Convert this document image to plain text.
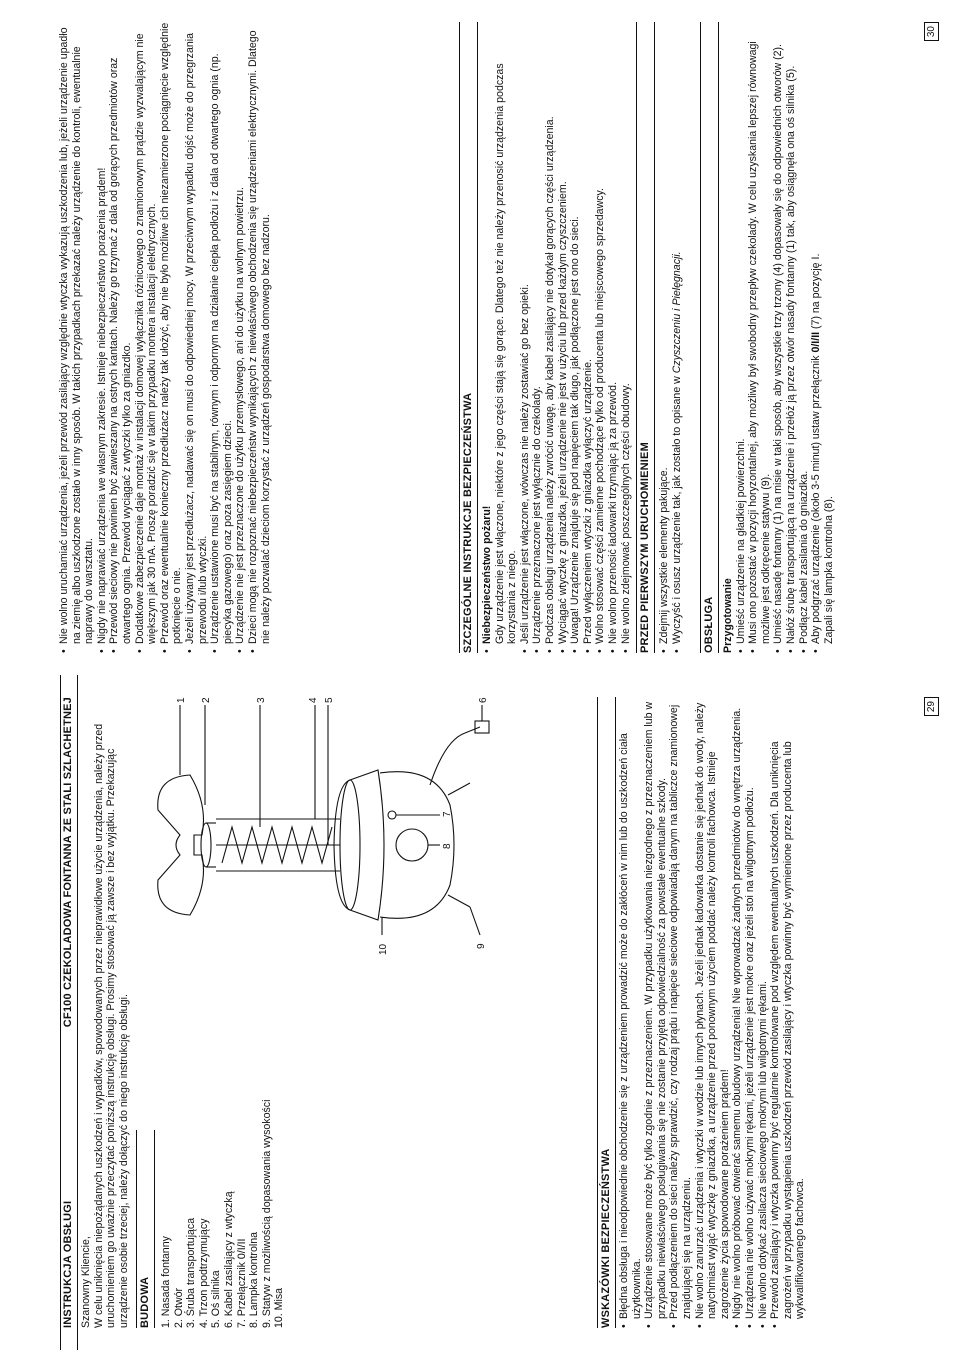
INSTRUKCJA OBSŁUGI
CF100 CZEKOLADOWA FONTANNA ZE STALI SZLACHETNEJ

Szanowny Kliencie, W celu uniknięcia niepożądanych uszkodzeń i wypadków, spowodowanych przez nieprawidłowe użycie urządzenia, należy przed uruchomieniem go uważnie przeczytać poniższą instrukcję obsługi. Prosimy stosować ją zawsze i bez wyjątku. Przekazując urządzenie osobie trzeciej, należy dołączyć do niego instrukcję obsługi. BUDOWA 1. Nasada fontanny 2. Otwór 3. Śruba transportująca 4. Trzon podtrzymujący 5. Oś silnika 6. Kabel zasilający z wtyczką 7. Przełącznik 0/I/II 8. Lampka kontrolna 9. Statyw z możliwością dopasowania wysokości 10. Misa
1 2	3	4 5	6
7
8
9
10
WSKAZÓWKI BEZPIECZEŃSTWA • Błędna obsługa i nieodpowiednie obchodzenie się z urządzeniem prowadzić może do zakłóceń w nim lub do uszkodzeń ciała użytkownika. • Urządzenie stosowane może być tylko zgodnie z przeznaczeniem. W przypadku użytkowania niezgodnego z przeznaczeniem lub w przypadku niewłaściwego posługiwania się nie zostanie przyjęta odpowiedzialność za powstałe ewentualne szkody. • Przed podłączeniem do sieci należy sprawdzić, czy rodzaj prądu i napięcie sieciowe odpowiadają danym na tabliczce znamionowej znajdującej się na urządzeniu. • Nie wolno zanurzać urządzenia i wtyczki w wodzie lub innych płynach. Jeżeli jednak ładowarka dostanie się jednak do wody, należy natychmiast wyjąć wtyczkę z gniazdka, a urządzenie przed ponownym użyciem poddać należy kontroli fachowca. Istnieje zagrożenie życia spowodowane porażeniem prądem! • Nigdy nie wolno próbować otwierać samemu obudowy urządzenia! Nie wprowadzać żadnych przedmiotów do wnętrza urządzenia. • Urządzenia nie wolno używać mokrymi rękami, jeżeli urządzenie jest mokre oraz jeżeli stoi na wilgotnym podłożu. • Nie wolno dotykać zasilacza sieciowego mokrymi lub wilgotnymi rękami. • Przewód zasilający i wtyczka powinny być regularnie kontrolowane pod względem ewentualnych uszkodzeń. Dla uniknięcia zagrożeń w przypadku wystąpienia uszkodzeń przewód zasilający i wtyczka powinny być wymienione przez producenta lub wykwalifikowanego fachowca.
29
• Nie wolno uruchamiać urządzenia, jeżeli przewód zasilający względnie wtyczka wykazują uszkodzenia lub, jeżeli urządzenie upadło na ziemię albo uszkodzone zostało w inny sposób. W takich przypadkach przekazać należy urządzenie do kontroli, ewentualnie naprawy do warsztatu. • Nigdy nie naprawiać urządzenia we własnym zakresie. Istnieje niebezpieczeństwo porażenia prądem! • Przewód sieciowy nie powinien być zawieszany na ostrych kantach. Należy go trzymać z dala od gorących przedmiotów oraz otwartego ognia. Przewód wyciągać z wtyczki tylko za gniazdko. • Dodatkowe zabezpieczenie daje montaż w instalacji domowej wyłącznika różnicowego o znamionowym prądzie wyzwalającym nie większym jak 30 mA. Proszę poradzić się w takim przypadku montera instalacji elektrycznych. • Przewód oraz ewentualnie konieczny przedłużacz należy tak ułożyć, aby nie było możliwe ich niezamierzone pociągnięcie względnie potknięcie o nie. • Jeżeli używany jest przedłużacz, nadawać się on musi do odpowiedniej mocy. W przeciwnym wypadku dojść może do przegrzania przewodu i/lub wtyczki. • Urządzenie ustawione musi być na stabilnym, równym i odpornym na działanie ciepła podłożu i z dala od otwartego ognia (np. piecyka gazowego) oraz poza zasięgiem dzieci. • Urządzenie nie jest przeznaczone do użytku przemysłowego, ani do użytku na wolnym powietrzu. • Dzieci mogą nie rozpoznać niebezpieczeństw wynikających z niewłaściwego obchodzenia się urządzeniami elektrycznymi. Dlatego nie należy pozwalać dzieciom korzystać z urządzeń gospodarstwa domowego bez nadzoru.	SZCZEGÓLNE INSTRUKCJE BEZPIECZEŃSTWA • Niebezpieczeństwo pożaru! Gdy urządzenie jest włączone, niektóre z jego części stają się gorące. Dlatego też nie należy przenosić urządzenia podczas korzystania z niego. • Jeśli urządzenie jest włączone, wówczas nie należy zostawiać go bez opieki. • Urządzenie przeznaczone jest wyłącznie do czekolady. • Podczas obsługi urządzenia należy zwrócić uwagę, aby kabel zasilający nie dotykał gorących części urządzenia. • Wyciągać wtyczkę z gniazdka, jeżeli urządzenie nie jest w użyciu lub przed każdym czyszczeniem. • Uwaga! Urządzenie znajduje się pod napięciem tak długo, jak podłączone jest ono do sieci. • Przed wyłączeniem wtyczki z gniazdka wyłączyć urządzenie. • Wolno stosować części zamienne pochodzące tylko od producenta lub miejscowego sprzedawcy. • Nie wolno przenosić ładowarki trzymając ją za przewód. • Nie wolno zdejmować poszczególnych części obudowy. PRZED PIERWSZYM URUCHOMIENIEM • Zdejmij wszystkie elementy pakujące. • Wyczyść i osusz urządzenie tak, jak zostało to opisane w Czyszczeniu i Pielęgnacji.
OBSŁUGA Przygotowanie • Umieść urządzenie na gładkiej powierzchni. • Musi ono pozostać w pozycji horyzontalnej, aby możliwy był swobodny przepływ czekolady. W celu uzyskania lepszej równowagi możliwe jest odkręcenie statywu (9). • Umieść nasadę fontanny (1) na misie w taki sposób, aby wszystkie trzy trzony (4) dopasowały się do odpowiednich otworów (2). • Nałóż śrubę transportującą na urządzenie i przełóż ją przez otwór nasady fontanny (1) tak, aby osiągnęła ona oś silnika (5). • Podłącz kabel zasilania do gniazdka. • Aby podgrzać urządzenie (około 3-5 minut) ustaw przełącznik 0/I/II (7) na pozycję I.
Zapali się lampka kontrolna (8).
30
